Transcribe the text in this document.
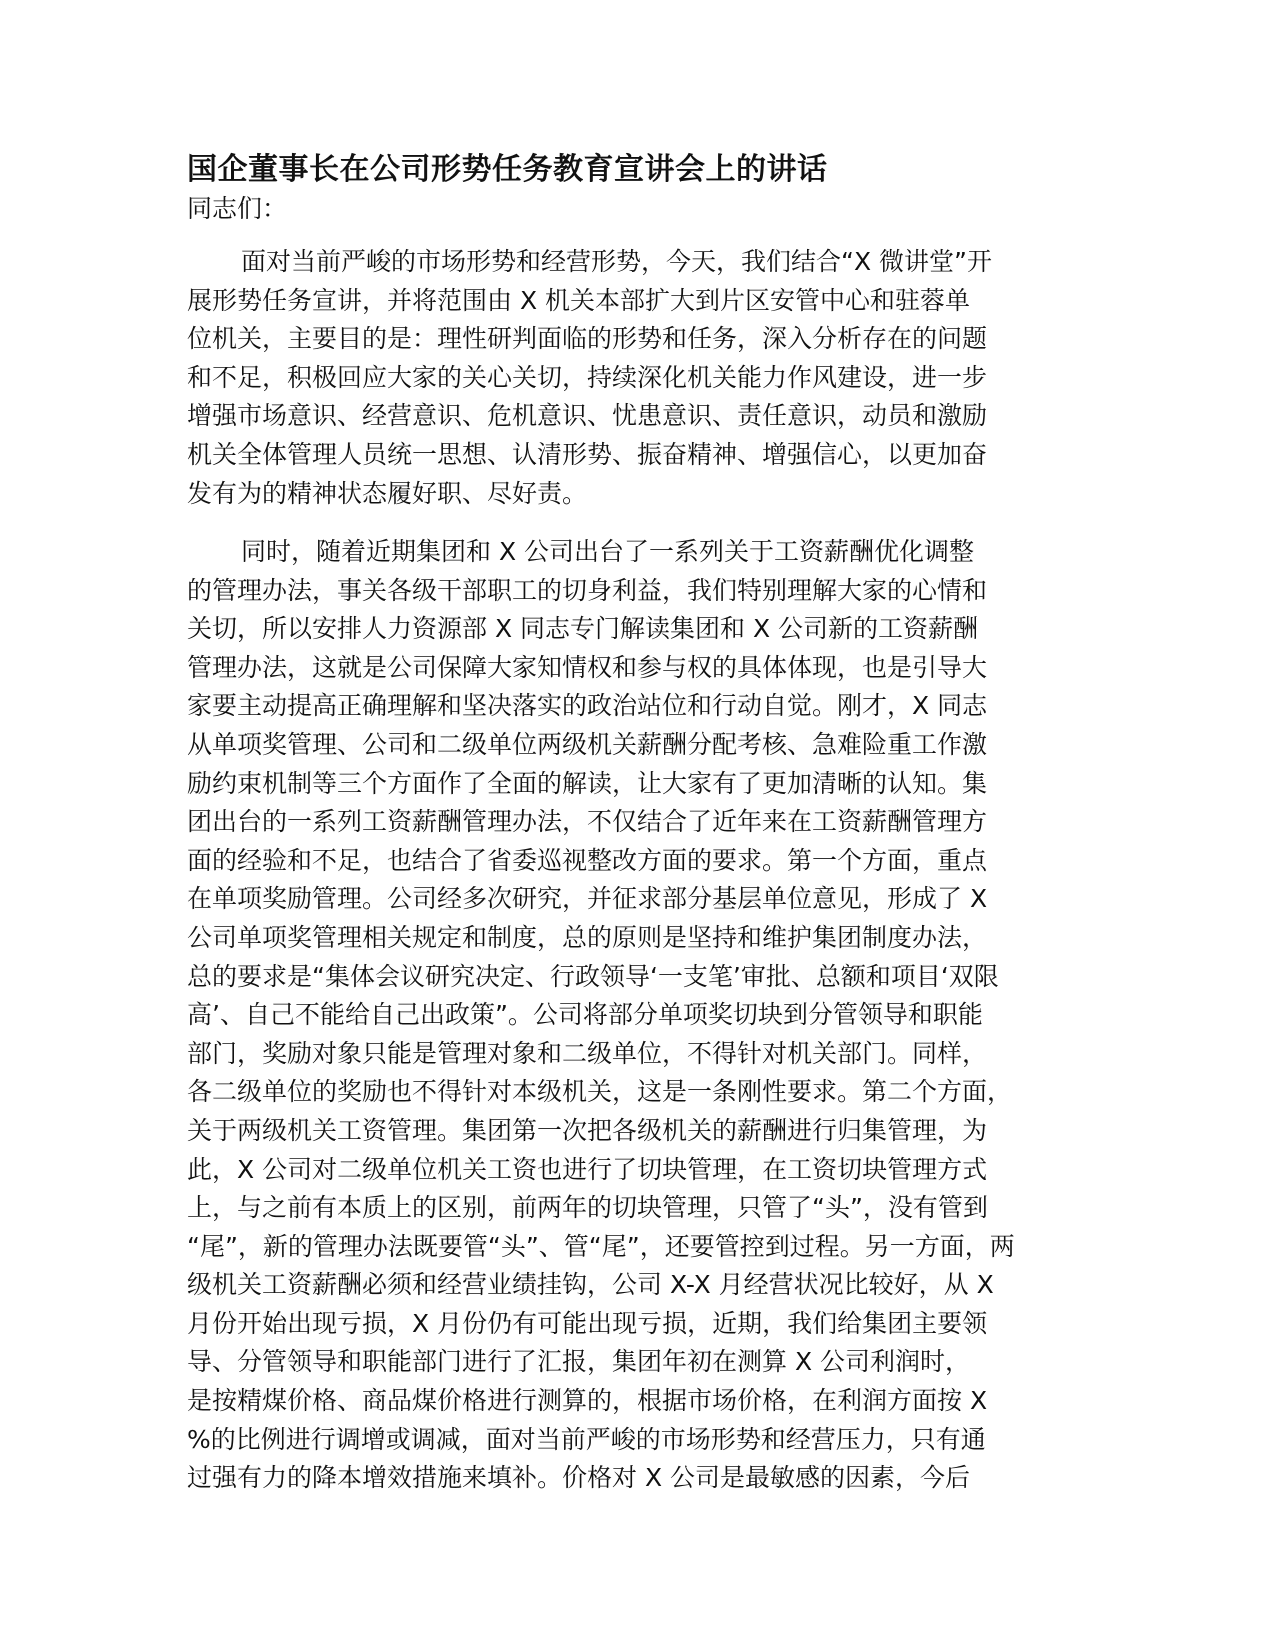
国企董事长在公司形势任务教育宣讲会上的讲话
同志们：
面对当前严峻的市场形势和经营形势，今天，我们结合“X 微讲堂”开
展形势任务宣讲，并将范围由 X 机关本部扩大到片区安管中心和驻蓉单
位机关，主要目的是：理性研判面临的形势和任务，深入分析存在的问题
和不足，积极回应大家的关心关切，持续深化机关能力作风建设，进一步
增强市场意识、经营意识、危机意识、忧患意识、责任意识，动员和激励
机关全体管理人员统一思想、认清形势、振奋精神、增强信心，以更加奋
发有为的精神状态履好职、尽好责。
同时，随着近期集团和 X 公司出台了一系列关于工资薪酬优化调整
的管理办法，事关各级干部职工的切身利益，我们特别理解大家的心情和
关切，所以安排人力资源部 X 同志专门解读集团和 X 公司新的工资薪酬
管理办法，这就是公司保障大家知情权和参与权的具体体现，也是引导大
家要主动提高正确理解和坚决落实的政治站位和行动自觉。刚才，X 同志
从单项奖管理、公司和二级单位两级机关薪酬分配考核、急难险重工作激
励约束机制等三个方面作了全面的解读，让大家有了更加清晰的认知。集
团出台的一系列工资薪酬管理办法，不仅结合了近年来在工资薪酬管理方
面的经验和不足，也结合了省委巡视整改方面的要求。第一个方面，重点
在单项奖励管理。公司经多次研究，并征求部分基层单位意见，形成了 X
公司单项奖管理相关规定和制度，总的原则是坚持和维护集团制度办法，
总的要求是“集体会议研究决定、行政领导‘一支笔’审批、总额和项目‘双限
高’、自己不能给自己出政策”。公司将部分单项奖切块到分管领导和职能
部门，奖励对象只能是管理对象和二级单位，不得针对机关部门。同样，
各二级单位的奖励也不得针对本级机关，这是一条刚性要求。第二个方面，
关于两级机关工资管理。集团第一次把各级机关的薪酬进行归集管理，为
此，X 公司对二级单位机关工资也进行了切块管理，在工资切块管理方式
上，与之前有本质上的区别，前两年的切块管理，只管了“头”，没有管到
“尾”，新的管理办法既要管“头”、管“尾”，还要管控到过程。另一方面，两
级机关工资薪酬必须和经营业绩挂钩，公司 X-X 月经营状况比较好，从 X
月份开始出现亏损，X 月份仍有可能出现亏损，近期，我们给集团主要领
导、分管领导和职能部门进行了汇报，集团年初在测算 X 公司利润时，
是按精煤价格、商品煤价格进行测算的，根据市场价格，在利润方面按 X
%的比例进行调增或调减，面对当前严峻的市场形势和经营压力，只有通
过强有力的降本增效措施来填补。价格对 X 公司是最敏感的因素，今后
